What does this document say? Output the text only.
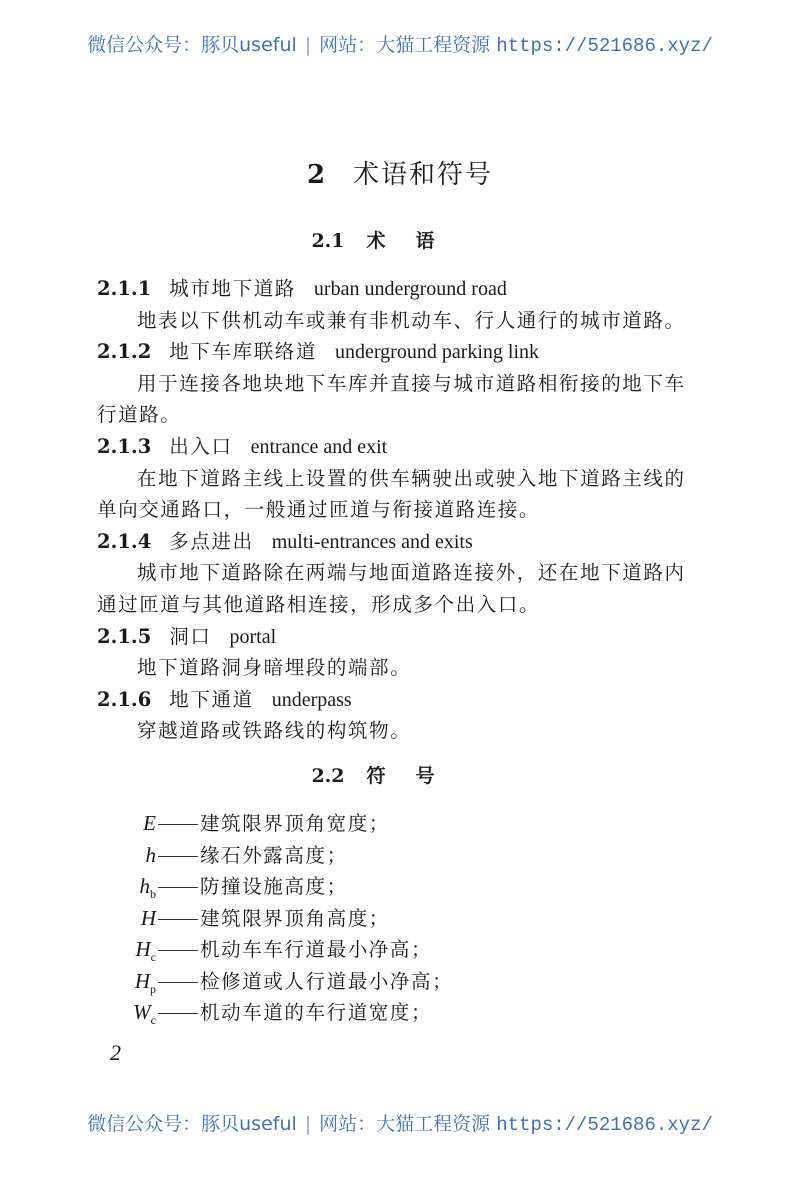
微信公众号：豚贝useful | 网站：大猫工程资源 https://521686.xyz/
2 术语和符号
2.1 术语
2.1.1 城市地下道路 urban underground road
地表以下供机动车或兼有非机动车、行人通行的城市道路。
2.1.2 地下车库联络道 underground parking link
用于连接各地块地下车库并直接与城市道路相衔接的地下车
行道路。
2.1.3 出入口 entrance and exit
在地下道路主线上设置的供车辆驶出或驶入地下道路主线的
单向交通路口，一般通过匝道与衔接道路连接。
2.1.4 多点进出 multi-entrances and exits
城市地下道路除在两端与地面道路连接外，还在地下道路内
通过匝道与其他道路相连接，形成多个出入口。
2.1.5 洞口 portal
地下道路洞身暗埋段的端部。
2.1.6 地下通道 underpass
穿越道路或铁路线的构筑物。
2.2 符号
E 建筑限界顶角宽度；
h 缘石外露高度；
$h_b$ 防撞设施高度；
H 建筑限界顶角高度；
$H_c$ 机动车车行道最小净高；
$H_p$ 检修道或人行道最小净高；
$W_c$ 机动车道的车行道宽度；
2
微信公众号：豚贝useful | 网站：大猫工程资源 https://521686.xyz/
